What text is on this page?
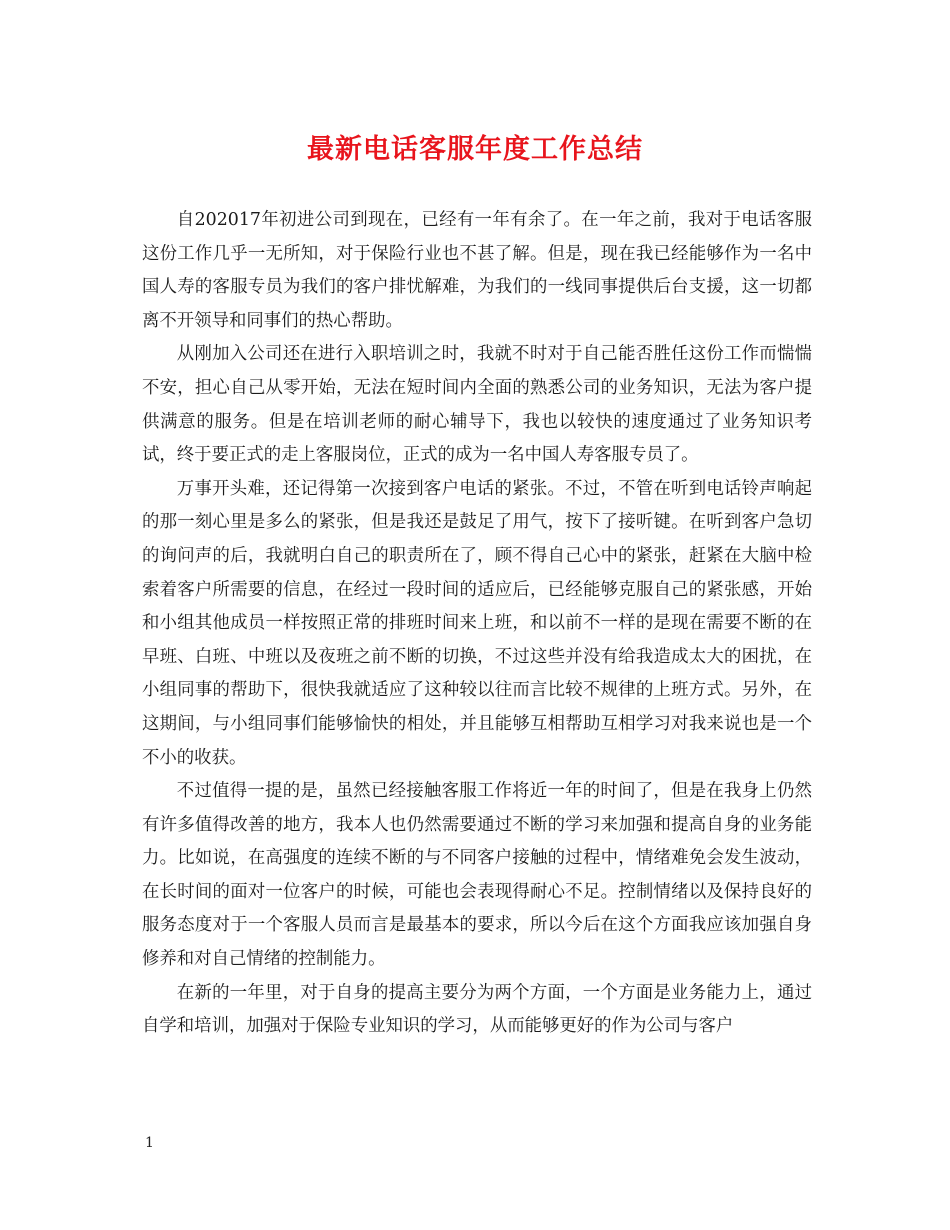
最新电话客服年度工作总结

自202017年初进公司到现在，已经有一年有余了。在一年之前，我对于电话客服这份工作几乎一无所知，对于保险行业也不甚了解。但是，现在我已经能够作为一名中国人寿的客服专员为我们的客户排忧解难，为我们的一线同事提供后台支援，这一切都离不开领导和同事们的热心帮助。

从刚加入公司还在进行入职培训之时，我就不时对于自己能否胜任这份工作而惴惴不安，担心自己从零开始，无法在短时间内全面的熟悉公司的业务知识，无法为客户提供满意的服务。但是在培训老师的耐心辅导下，我也以较快的速度通过了业务知识考试，终于要正式的走上客服岗位，正式的成为一名中国人寿客服专员了。

万事开头难，还记得第一次接到客户电话的紧张。不过，不管在听到电话铃声响起的那一刻心里是多么的紧张，但是我还是鼓足了用气，按下了接听键。在听到客户急切的询问声的后，我就明白自己的职责所在了，顾不得自己心中的紧张，赶紧在大脑中检索着客户所需要的信息，在经过一段时间的适应后，已经能够克服自己的紧张感，开始和小组其他成员一样按照正常的排班时间来上班，和以前不一样的是现在需要不断的在早班、白班、中班以及夜班之前不断的切换，不过这些并没有给我造成太大的困扰，在小组同事的帮助下，很快我就适应了这种较以往而言比较不规律的上班方式。另外，在这期间，与小组同事们能够愉快的相处，并且能够互相帮助互相学习对我来说也是一个不小的收获。

不过值得一提的是，虽然已经接触客服工作将近一年的时间了，但是在我身上仍然有许多值得改善的地方，我本人也仍然需要通过不断的学习来加强和提高自身的业务能力。比如说，在高强度的连续不断的与不同客户接触的过程中，情绪难免会发生波动，在长时间的面对一位客户的时候，可能也会表现得耐心不足。控制情绪以及保持良好的服务态度对于一个客服人员而言是最基本的要求，所以今后在这个方面我应该加强自身修养和对自己情绪的控制能力。

在新的一年里，对于自身的提高主要分为两个方面，一个方面是业务能力上，通过自学和培训，加强对于保险专业知识的学习，从而能够更好的作为公司与客户

1
